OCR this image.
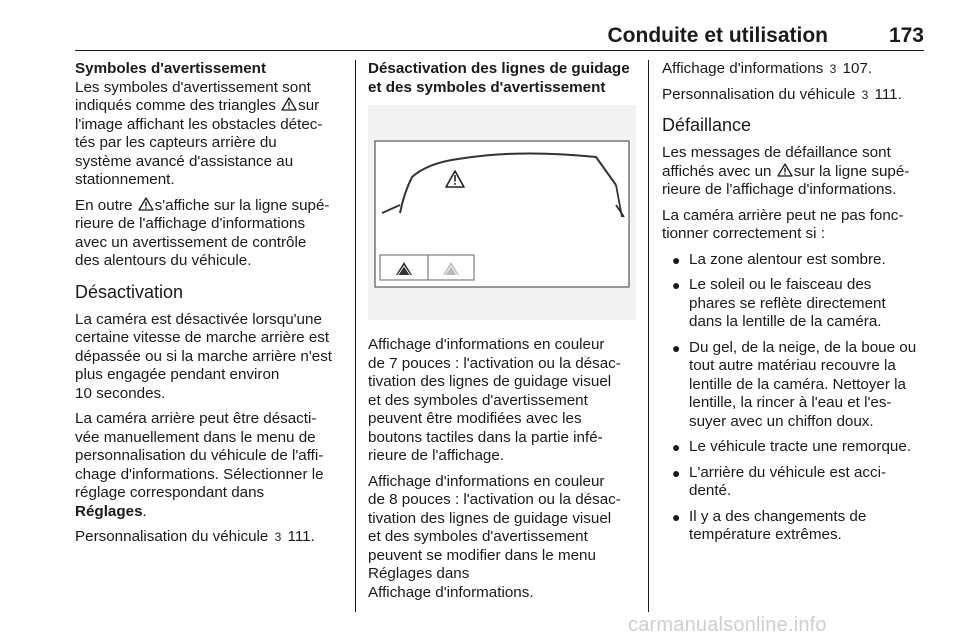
Conduite et utilisation	173
Symboles d'avertissement

Les symboles d'avertissement sont
indiqués comme des triangles
sur
l'image affichant les obstacles détec-
tés par les capteurs arrière du
système avancé d'assistance au
stationnement.

En outre
s'affiche sur la ligne supé-
rieure de l'affichage d'informations
avec un avertissement de contrôle
des alentours du véhicule.

Désactivation

La caméra est désactivée lorsqu'une
certaine vitesse de marche arrière est
dépassée ou si la marche arrière n'est
plus engagée pendant environ
10 secondes.

La caméra arrière peut être désacti-
vée manuellement dans le menu de
personnalisation du véhicule de l'affi-
chage d'informations. Sélectionner le
réglage correspondant dans
Réglages.

Personnalisation du véhicule 3 111.

Désactivation des lignes de guidage
et des symboles d'avertissement

Affichage d'informations en couleur
de 7 pouces : l'activation ou la désac-
tivation des lignes de guidage visuel
et des symboles d'avertissement
peuvent être modifiées avec les
boutons tactiles dans la partie infé-
rieure de l'affichage.

Affichage d'informations en couleur
de 8 pouces : l'activation ou la désac-
tivation des lignes de guidage visuel
et des symboles d'avertissement
peuvent se modifier dans le menu
Réglages dans
Affichage d'informations.

Affichage d'informations 3 107.

Personnalisation du véhicule 3 111.

Défaillance

Les messages de défaillance sont
affichés avec un
sur la ligne supé-
rieure de l'affichage d'informations.

La caméra arrière peut ne pas fonc-
tionner correctement si :

● La zone alentour est sombre.
● Le soleil ou le faisceau des
phares se reflète directement
dans la lentille de la caméra.
● Du gel, de la neige, de la boue ou
tout autre matériau recouvre la
lentille de la caméra. Nettoyer la
lentille, la rincer à l'eau et l'es-
suyer avec un chiffon doux.
● Le véhicule tracte une remorque.
● L'arrière du véhicule est acci-
denté.
● Il y a des changements de
température extrêmes.
carmanualsonline.info
